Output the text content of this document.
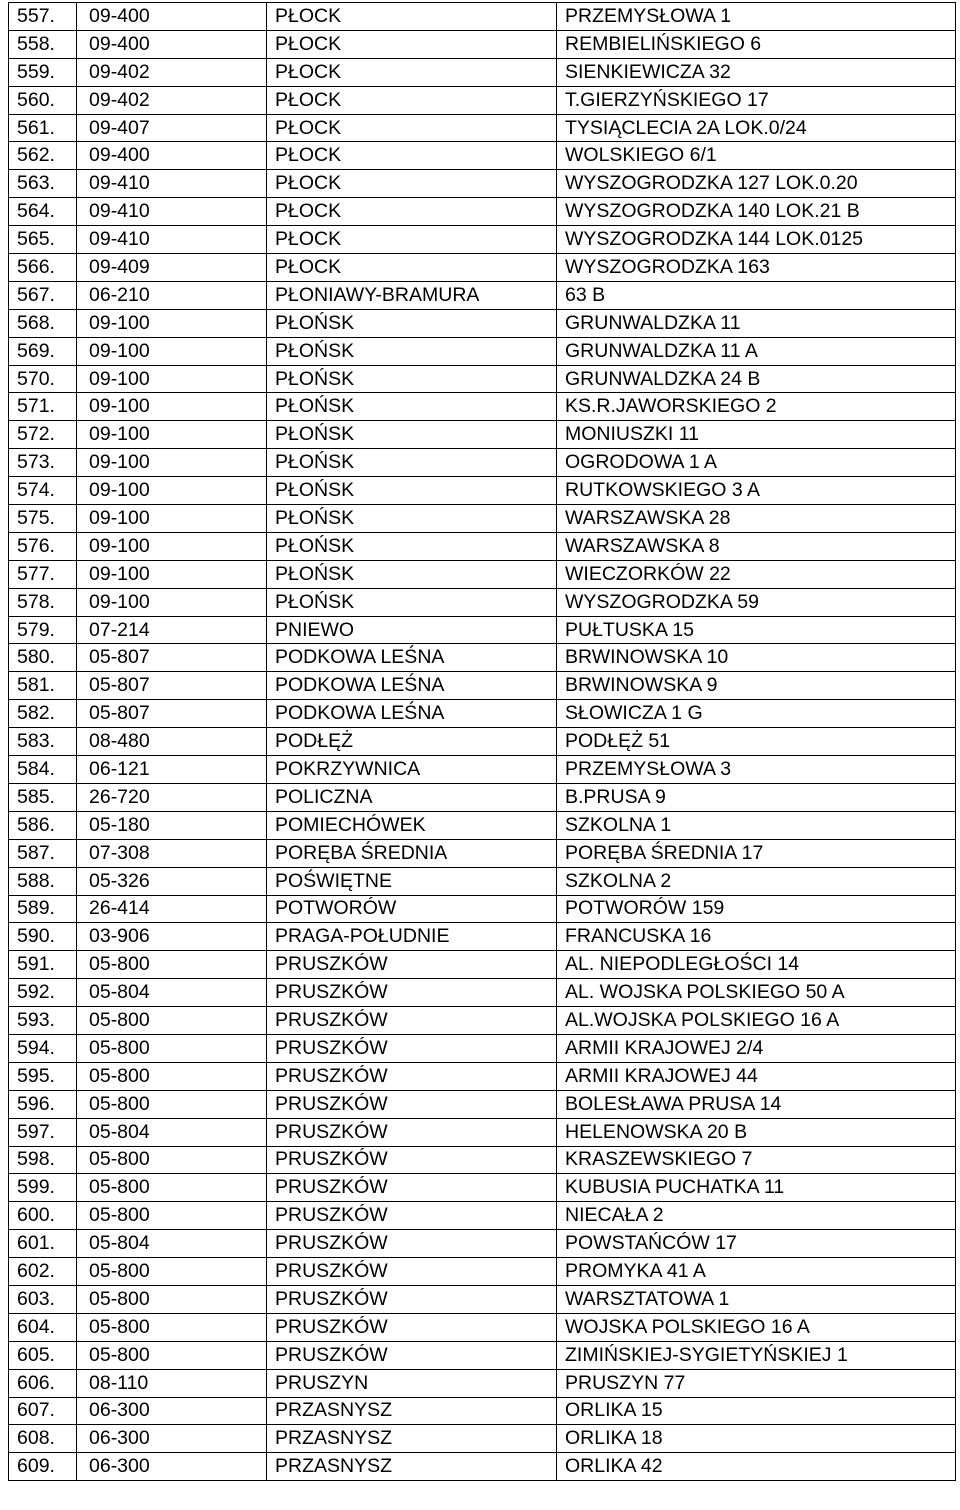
557.	09-400	PŁOCK	PRZEMYSŁOWA 1
558.	09-400	PŁOCK	REMBIELIŃSKIEGO 6
559.	09-402	PŁOCK	SIENKIEWICZA 32
560.	09-402	PŁOCK	T.GIERZYŃSKIEGO 17
561.	09-407	PŁOCK	TYSIĄCLECIA 2A LOK.0/24
562.	09-400	PŁOCK	WOLSKIEGO 6/1
563.	09-410	PŁOCK	WYSZOGRODZKA 127 LOK.0.20
564.	09-410	PŁOCK	WYSZOGRODZKA 140 LOK.21 B
565.	09-410	PŁOCK	WYSZOGRODZKA 144 LOK.0125
566.	09-409	PŁOCK	WYSZOGRODZKA 163
567.	06-210	PŁONIAWY-BRAMURA	63 B
568.	09-100	PŁOŃSK	GRUNWALDZKA 11
569.	09-100	PŁOŃSK	GRUNWALDZKA 11 A
570.	09-100	PŁOŃSK	GRUNWALDZKA 24 B
571.	09-100	PŁOŃSK	KS.R.JAWORSKIEGO 2
572.	09-100	PŁOŃSK	MONIUSZKI 11
573.	09-100	PŁOŃSK	OGRODOWA 1 A
574.	09-100	PŁOŃSK	RUTKOWSKIEGO 3 A
575.	09-100	PŁOŃSK	WARSZAWSKA 28
576.	09-100	PŁOŃSK	WARSZAWSKA 8
577.	09-100	PŁOŃSK	WIECZORKÓW 22
578.	09-100	PŁOŃSK	WYSZOGRODZKA 59
579.	07-214	PNIEWO	PUŁTUSKA 15
580.	05-807	PODKOWA LEŚNA	BRWINOWSKA 10
581.	05-807	PODKOWA LEŚNA	BRWINOWSKA 9
582.	05-807	PODKOWA LEŚNA	SŁOWICZA 1 G
583.	08-480	PODŁĘŻ	PODŁĘŻ 51
584.	06-121	POKRZYWNICA	PRZEMYSŁOWA 3
585.	26-720	POLICZNA	B.PRUSA 9
586.	05-180	POMIECHÓWEK	SZKOLNA 1
587.	07-308	PORĘBA ŚREDNIA	PORĘBA ŚREDNIA 17
588.	05-326	POŚWIĘTNE	SZKOLNA 2
589.	26-414	POTWORÓW	POTWORÓW 159
590.	03-906	PRAGA-POŁUDNIE	FRANCUSKA 16
591.	05-800	PRUSZKÓW	AL. NIEPODLEGŁOŚCI 14
592.	05-804	PRUSZKÓW	AL. WOJSKA POLSKIEGO 50 A
593.	05-800	PRUSZKÓW	AL.WOJSKA POLSKIEGO 16 A
594.	05-800	PRUSZKÓW	ARMII KRAJOWEJ 2/4
595.	05-800	PRUSZKÓW	ARMII KRAJOWEJ 44
596.	05-800	PRUSZKÓW	BOLESŁAWA PRUSA 14
597.	05-804	PRUSZKÓW	HELENOWSKA 20 B
598.	05-800	PRUSZKÓW	KRASZEWSKIEGO 7
599.	05-800	PRUSZKÓW	KUBUSIA PUCHATKA 11
600.	05-800	PRUSZKÓW	NIECAŁA 2
601.	05-804	PRUSZKÓW	POWSTAŃCÓW 17
602.	05-800	PRUSZKÓW	PROMYKA 41 A
603.	05-800	PRUSZKÓW	WARSZTATOWA 1
604.	05-800	PRUSZKÓW	WOJSKA POLSKIEGO 16 A
605.	05-800	PRUSZKÓW	ZIMIŃSKIEJ-SYGIETYŃSKIEJ 1
606.	08-110	PRUSZYN	PRUSZYN 77
607.	06-300	PRZASNYSZ	ORLIKA 15
608.	06-300	PRZASNYSZ	ORLIKA 18
609.	06-300	PRZASNYSZ	ORLIKA 42
